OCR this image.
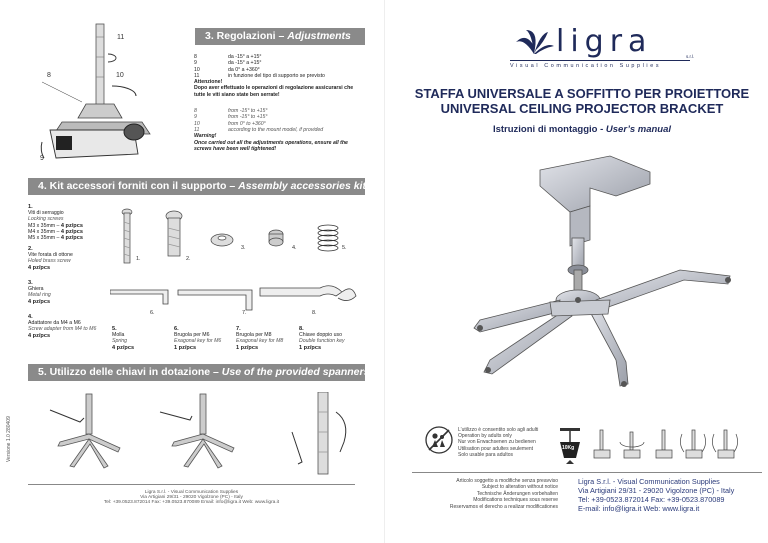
11
8	10
9
3. Regolazioni – Adjustments
8	da -15° a +15°
9	da -15° a +15°
10	da 0° a +360°
11	in funzione del tipo di supporto se previsto
Attenzione!
Dopo aver effettuato le operazioni di regolazione assicurarsi che tutte le viti siano state ben serrate!
8	from -15° to +15°
9	from -15° to +15°
10	from 0° to +360°
11	according to the mount model, if provided
Warning!
Once carried out all the adjustments operations, ensure all the screws have been well tightened!
4. Kit accessori forniti con il supporto – Assembly accessories kit
1.
Viti di serraggio
Locking screws
M3 x 35mm – 4 pz/pcs
M4 x 35mm – 4 pz/pcs
M5 x 35mm – 4 pz/pcs
2.
Vite forata di ottone
Holed brass screw
4 pz/pcs
3.
Ghiera
Metal ring
4 pz/pcs
4.
Adattatore da M4 a M6
Screw adapter from M4 to M6
4 pz/pcs
5.
Molla
Spring
4 pz/pcs
6.
Brugola per M6
Exagonal key for M6
1 pz/pcs
7.
Brugola per M8
Exagonal key for M8
1 pz/pcs
8.
Chiave doppio uso
Double function key
1 pz/pcs
1.	2.
3.	4.	5.
6.	7.	8.
5. Utilizzo delle chiavi in dotazione – Use of the provided spanners
Versione 1.0 280409
Ligra S.r.l. - Visual Communication Supplies
Via Artigiani 29/31 - 29020 Vigolzone (PC) - Italy
Tel: +39.0523.872014 Fax: +39.0523.870089 Email: info@ligra.it Web: www.ligra.it
ligra	s.r.l.
Visual Communication Supplies
STAFFA UNIVERSALE A SOFFITTO PER PROIETTORE
UNIVERSAL CEILING PROJECTOR BRACKET
Istruzioni di montaggio - User’s manual
L’utilizzo è consentito solo agli adulti
Operation by adults only
Nur von Erwachsenen zu bedienen
Utilisation pour adultes seulement
Solo usable para adultos
10Kg
Articolo soggetto a modifiche senza preavviso
Subject to alteration without notice
Technische Änderungen vorbehalten
Modifications techniques sous reserve
Reservamos el derecho a realizar modificationes
Ligra S.r.l. - Visual Communication Supplies
Via Artigiani 29/31 - 29020 Vigolzone (PC) - Italy
Tel: +39-0523.872014 Fax: +39-0523.870089
E-mail: info@ligra.it Web: www.ligra.it
